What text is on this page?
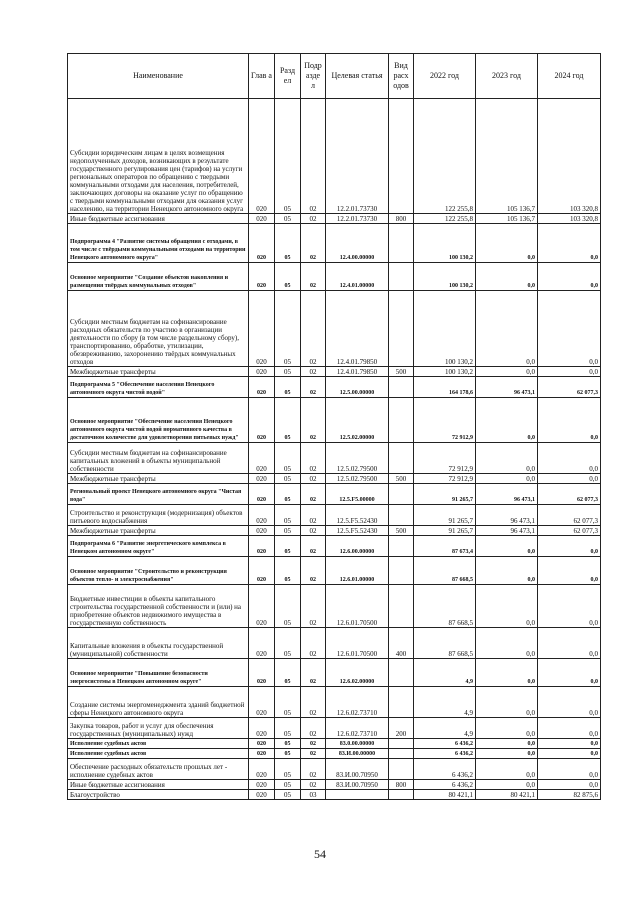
Наименование	Глав а	Разд ел	Подр азде л	Целевая статья	Вид расх одов	2022 год	2023 год	2024 год
Субсидии юридическим лицам в целях возмещения недополученных доходов, возникающих в результате государственного регулирования цен (тарифов) на услуги региональных операторов по обращению с твердыми коммунальными отходами для населения, потребителей, заключающих договоры на оказание услуг по обращению с твердыми коммунальными отходами для оказания услуг населению, на территории Ненецкого автономного округа	020	05	02	12.2.01.73730		122 255,8	105 136,7	103 320,8
Иные бюджетные ассигнования	020	05	02	12.2.01.73730	800	122 255,8	105 136,7	103 320,8
Подпрограмма 4 "Развитие системы обращения с отходами, в том числе с твёрдыми коммунальными отходами на территории Ненецкого автономного округа"	020	05	02	12.4.00.00000		100 130,2	0,0	0,0
Основное мероприятие "Создание объектов накопления и размещения твёрдых коммунальных отходов"	020	05	02	12.4.01.00000		100 130,2	0,0	0,0
Субсидии местным бюджетам на софинансирование расходных обязательств по участию в организации деятельности по сбору (в том числе раздельному сбору), транспортированию, обработке, утилизации, обезвреживанию, захоронению твёрдых коммунальных отходов	020	05	02	12.4.01.79850		100 130,2	0,0	0,0
Межбюджетные трансферты	020	05	02	12.4.01.79850	500	100 130,2	0,0	0,0
Подпрограмма 5 "Обеспечение населения Ненецкого автономного округа чистой водой"	020	05	02	12.5.00.00000		164 178,6	96 473,1	62 077,3
Основное мероприятие "Обеспечение населения Ненецкого автономного округа чистой водой нормативного качества в достаточном количестве для удовлетворения питьевых нужд"	020	05	02	12.5.02.00000		72 912,9	0,0	0,0
Субсидии местным бюджетам на софинансирование капитальных вложений в объекты муниципальной собственности	020	05	02	12.5.02.79500		72 912,9	0,0	0,0
Межбюджетные трансферты	020	05	02	12.5.02.79500	500	72 912,9	0,0	0,0
Региональный проект Ненецкого автономного округа "Чистая вода"	020	05	02	12.5.F5.00000		91 265,7	96 473,1	62 077,3
Строительство и реконструкция (модернизация) объектов питьевого водоснабжения	020	05	02	12.5.F5.52430		91 265,7	96 473,1	62 077,3
Межбюджетные трансферты	020	05	02	12.5.F5.52430	500	91 265,7	96 473,1	62 077,3
Подпрограмма 6 "Развитие энергетического комплекса в Ненецком автономном округе"	020	05	02	12.6.00.00000		87 673,4	0,0	0,0
Основное мероприятие "Строительство и реконструкция объектов тепло- и электроснабжения"	020	05	02	12.6.01.00000		87 668,5	0,0	0,0
Бюджетные инвестиции в объекты капитального строительства государственной собственности и (или) на приобретение объектов недвижимого имущества в государственную собственность	020	05	02	12.6.01.70500		87 668,5	0,0	0,0
Капитальные вложения в объекты государственной (муниципальной) собственности	020	05	02	12.6.01.70500	400	87 668,5	0,0	0,0
Основное мероприятие "Повышение безопасности энергосистемы в Ненецком автономном округе"	020	05	02	12.6.02.00000		4,9	0,0	0,0
Создание системы энергоменеджмента зданий бюджетной сферы Ненецкого автономного округа	020	05	02	12.6.02.73710		4,9	0,0	0,0
Закупка товаров, работ и услуг для обеспечения государственных (муниципальных) нужд	020	05	02	12.6.02.73710	200	4,9	0,0	0,0
Исполнение судебных актов	020	05	02	83.0.00.00000		6 436,2	0,0	0,0
Исполнение судебных актов	020	05	02	83.И.00.00000		6 436,2	0,0	0,0
Обеспечение расходных обязательств прошлых лет - исполнение судебных актов	020	05	02	83.И.00.70950		6 436,2	0,0	0,0
Иные бюджетные ассигнования	020	05	02	83.И.00.70950	800	6 436,2	0,0	0,0
Благоустройство	020	05	03			80 421,1	80 421,1	82 875,6
54
